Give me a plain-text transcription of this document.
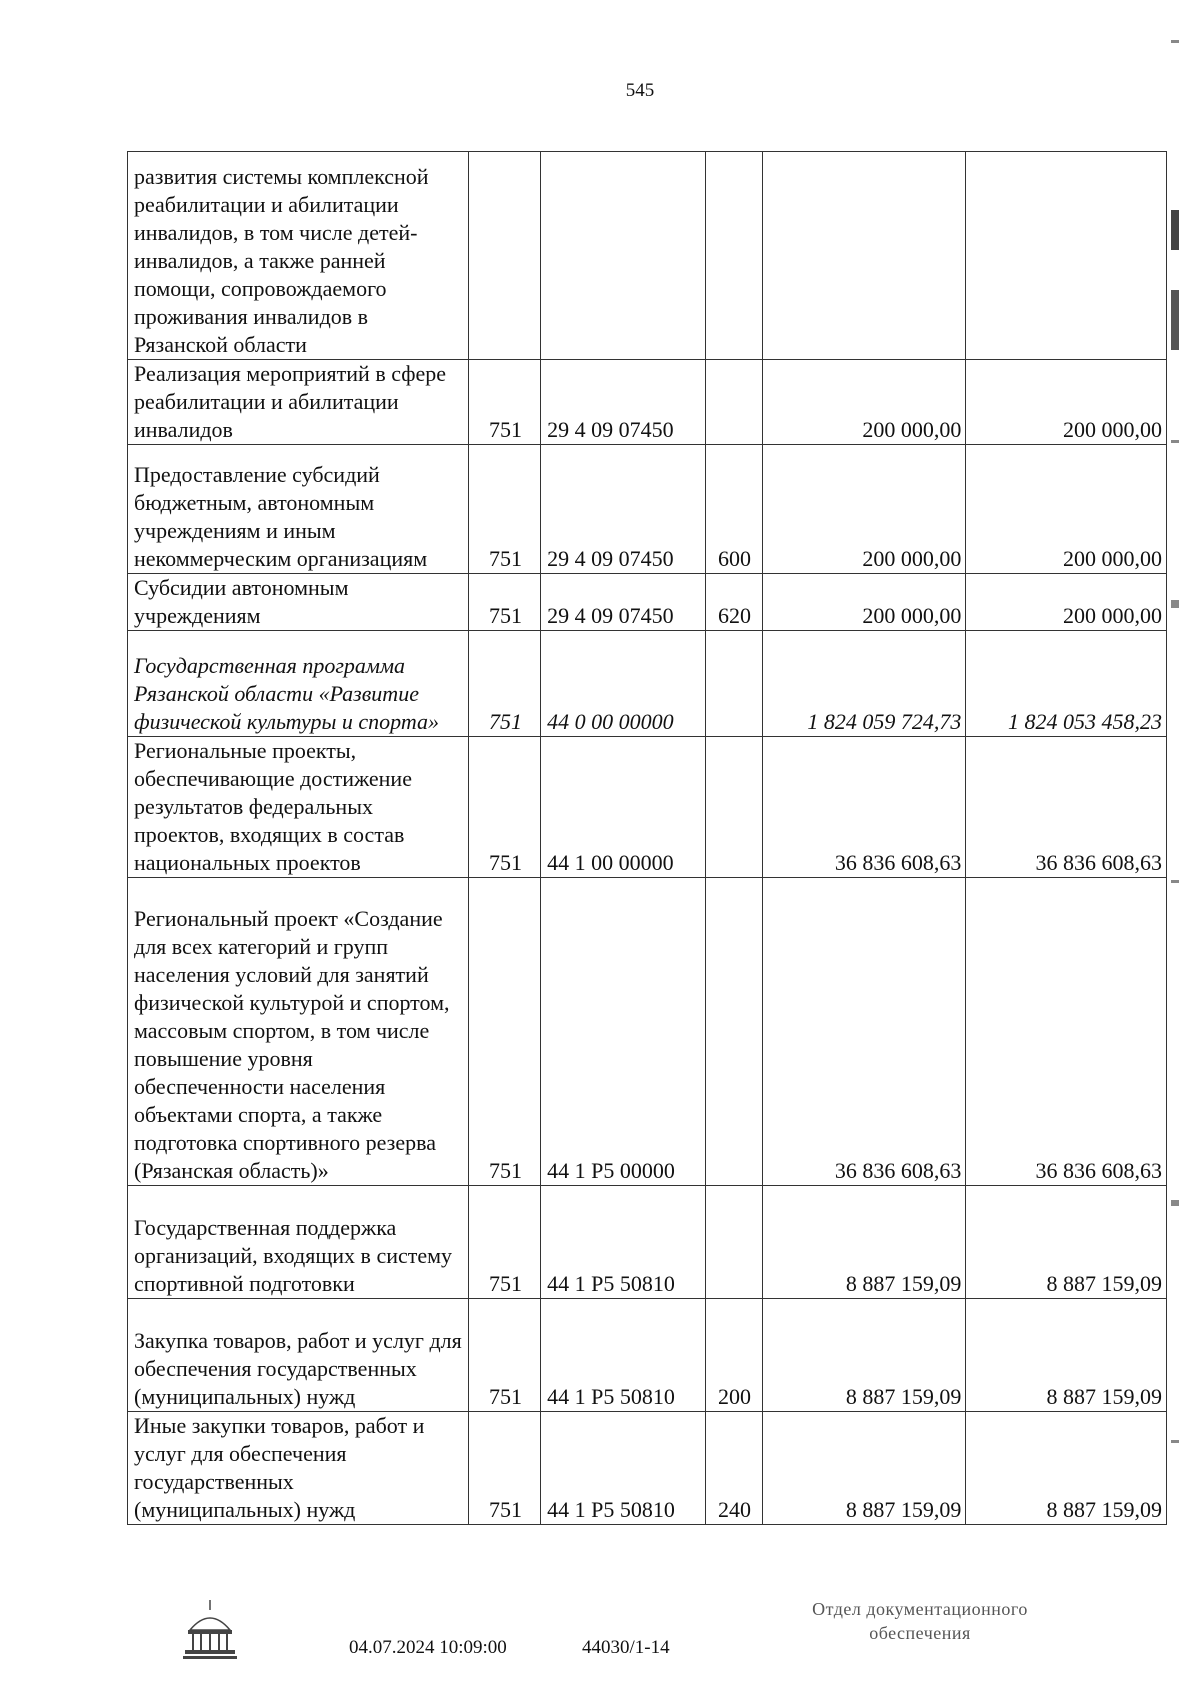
545
развития системы комплексной реабилитации и абилитации инвалидов, в том числе детей-инвалидов, а также ранней помощи, сопровождаемого проживания инвалидов в Рязанской области					
Реализация мероприятий в сфере реабилитации и абилитации инвалидов	751	29 4 09 07450		200 000,00	200 000,00
Предоставление субсидий бюджетным, автономным учреждениям и иным некоммерческим организациям	751	29 4 09 07450	600	200 000,00	200 000,00
Субсидии автономным учреждениям	751	29 4 09 07450	620	200 000,00	200 000,00
Государственная программа Рязанской области «Развитие физической культуры и спорта»	751	44 0 00 00000		1 824 059 724,73	1 824 053 458,23
Региональные проекты, обеспечивающие достижение результатов федеральных проектов, входящих в состав национальных проектов	751	44 1 00 00000		36 836 608,63	36 836 608,63
Региональный проект «Создание для всех категорий и групп населения условий для занятий физической культурой и спортом, массовым спортом, в том числе повышение уровня обеспеченности населения объектами спорта, а также подготовка спортивного резерва (Рязанская область)»	751	44 1 P5 00000		36 836 608,63	36 836 608,63
Государственная поддержка организаций, входящих в систему спортивной подготовки	751	44 1 P5 50810		8 887 159,09	8 887 159,09
Закупка товаров, работ и услуг для обеспечения государственных (муниципальных) нужд	751	44 1 P5 50810	200	8 887 159,09	8 887 159,09
Иные закупки товаров, работ и услуг для обеспечения государственных (муниципальных) нужд	751	44 1 P5 50810	240	8 887 159,09	8 887 159,09
04.07.2024 10:09:00	44030/1-14
Отдел документационного
обеспечения
